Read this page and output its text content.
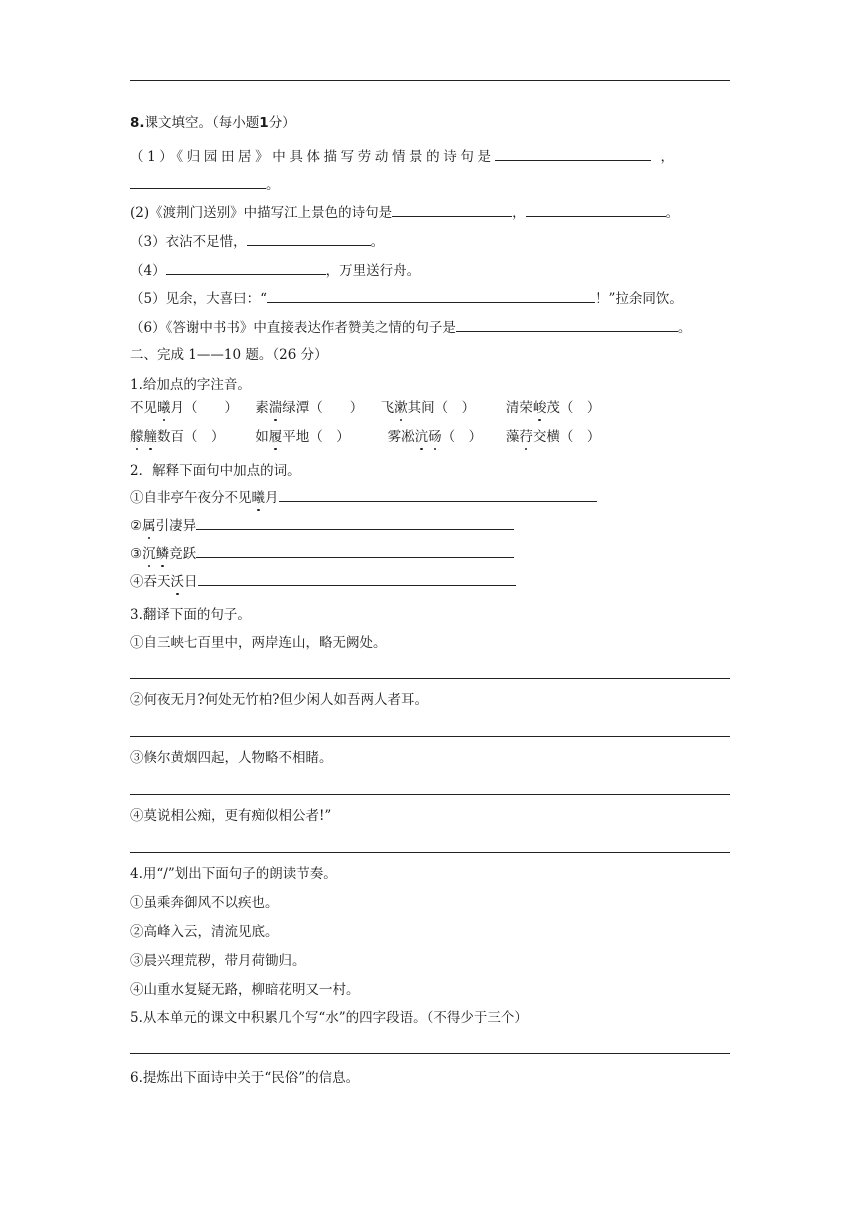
8.课文填空。（每小题1分）
（1）《归园田居》中具体描写劳动情景的诗句是	，
。
(2)《渡荆门送别》中描写江上景色的诗句是	，	。
（3）衣沾不足惜，	。
（4）	，万里送行舟。
（5）见余，大喜曰：“	！”拉余同饮。
（6）《答谢中书书》中直接表达作者赞美之情的句子是	。
二、完成 1——10 题。（26 分）
1.给加点的字注音。
不见曦月（　　） 素湍绿潭（　　） 飞漱其间（　） 清荣峻茂（　）
艨艟数百（　） 如履平地（　）	雾凇沆砀（　） 藻荇交横（　）
2．解释下面句中加点的词。
①自非亭午夜分不见曦月
②属引凄异
③沉鳞竞跃
④吞天沃日
3.翻译下面的句子。
①自三峡七百里中，两岸连山，略无阙处。
②何夜无月?何处无竹柏?但少闲人如吾两人者耳。
③倏尔黄烟四起，人物略不相睹。
④莫说相公痴，更有痴似相公者!”
4.用“/”划出下面句子的朗读节奏。
①虽乘奔御风不以疾也。
②高峰入云，清流见底。
③晨兴理荒秽，带月荷锄归。
④山重水复疑无路，柳暗花明又一村。
5.从本单元的课文中积累几个写“水”的四字段语。（不得少于三个）
6.提炼出下面诗中关于“民俗”的信息。
